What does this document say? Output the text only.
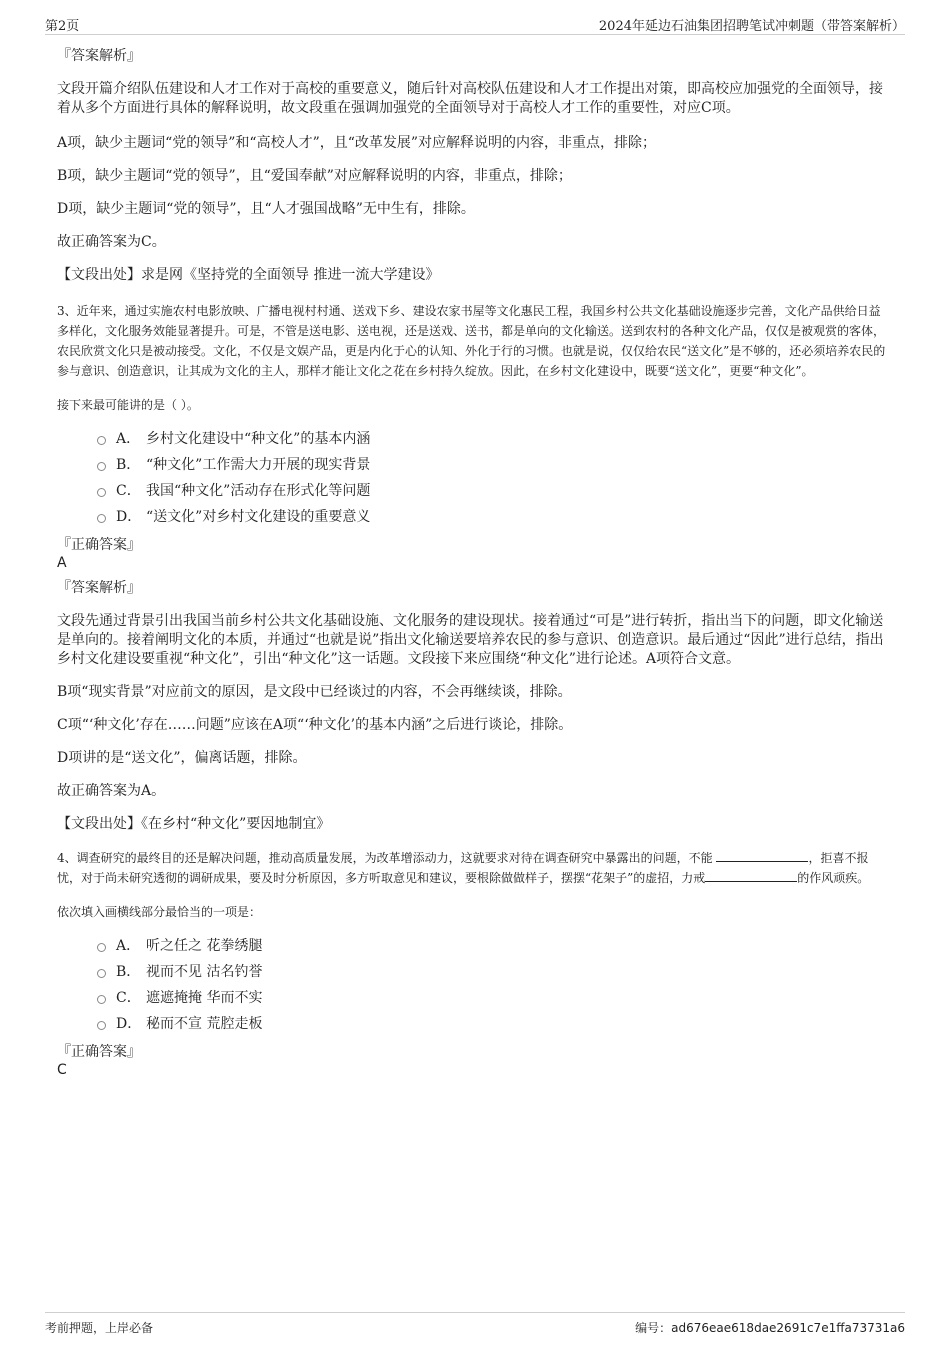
第2页	2024年延边石油集团招聘笔试冲刺题（带答案解析）
『答案解析』

文段开篇介绍队伍建设和人才工作对于高校的重要意义，随后针对高校队伍建设和人才工作提出对策，即高校应加强党的全面领导，接着从多个方面进行具体的解释说明，故文段重在强调加强党的全面领导对于高校人才工作的重要性，对应C项。

A项，缺少主题词“党的领导”和“高校人才”，且“改革发展”对应解释说明的内容，非重点，排除；

B项，缺少主题词“党的领导”，且“爱国奉献”对应解释说明的内容，非重点，排除；

D项，缺少主题词“党的领导”，且“人才强国战略”无中生有，排除。

故正确答案为C。

【文段出处】求是网《坚持党的全面领导 推进一流大学建设》

3、近年来，通过实施农村电影放映、广播电视村村通、送戏下乡、建设农家书屋等文化惠民工程，我国乡村公共文化基础设施逐步完善，文化产品供给日益多样化，文化服务效能显著提升。可是，不管是送电影、送电视，还是送戏、送书，都是单向的文化输送。送到农村的各种文化产品，仅仅是被观赏的客体，农民欣赏文化只是被动接受。文化，不仅是文娱产品，更是内化于心的认知、外化于行的习惯。也就是说，仅仅给农民“送文化”是不够的，还必须培养农民的参与意识、创造意识，让其成为文化的主人，那样才能让文化之花在乡村持久绽放。因此，在乡村文化建设中，既要“送文化”，更要“种文化”。

接下来最可能讲的是（ ）。

A． 乡村文化建设中“种文化”的基本内涵
B． “种文化”工作需大力开展的现实背景
C． 我国“种文化”活动存在形式化等问题
D． “送文化”对乡村文化建设的重要意义
『正确答案』
A
『答案解析』

文段先通过背景引出我国当前乡村公共文化基础设施、文化服务的建设现状。接着通过“可是”进行转折，指出当下的问题，即文化输送是单向的。接着阐明文化的本质，并通过“也就是说”指出文化输送要培养农民的参与意识、创造意识。最后通过“因此”进行总结，指出乡村文化建设要重视“种文化”，引出“种文化”这一话题。文段接下来应围绕“种文化”进行论述。A项符合文意。

B项“现实背景”对应前文的原因，是文段中已经谈过的内容，不会再继续谈，排除。

C项“‘种文化’存在……问题”应该在A项“‘种文化’的基本内涵”之后进行谈论，排除。

D项讲的是“送文化”，偏离话题，排除。

故正确答案为A。

【文段出处】《在乡村“种文化”要因地制宜》

4、调查研究的最终目的还是解决问题，推动高质量发展，为改革增添动力，这就要求对待在调查研究中暴露出的问题，不能	，拒喜不报忧，对于尚未研究透彻的调研成果，要及时分析原因，多方听取意见和建议，要根除做做样子，摆摆“花架子”的虚招，力戒	的作风顽疾。

依次填入画横线部分最恰当的一项是：

A． 听之任之 花拳绣腿
B． 视而不见 沽名钓誉
C． 遮遮掩掩 华而不实
D． 秘而不宣 荒腔走板
『正确答案』
C
考前押题，上岸必备	编号：ad676eae618dae2691c7e1ffa73731a6
